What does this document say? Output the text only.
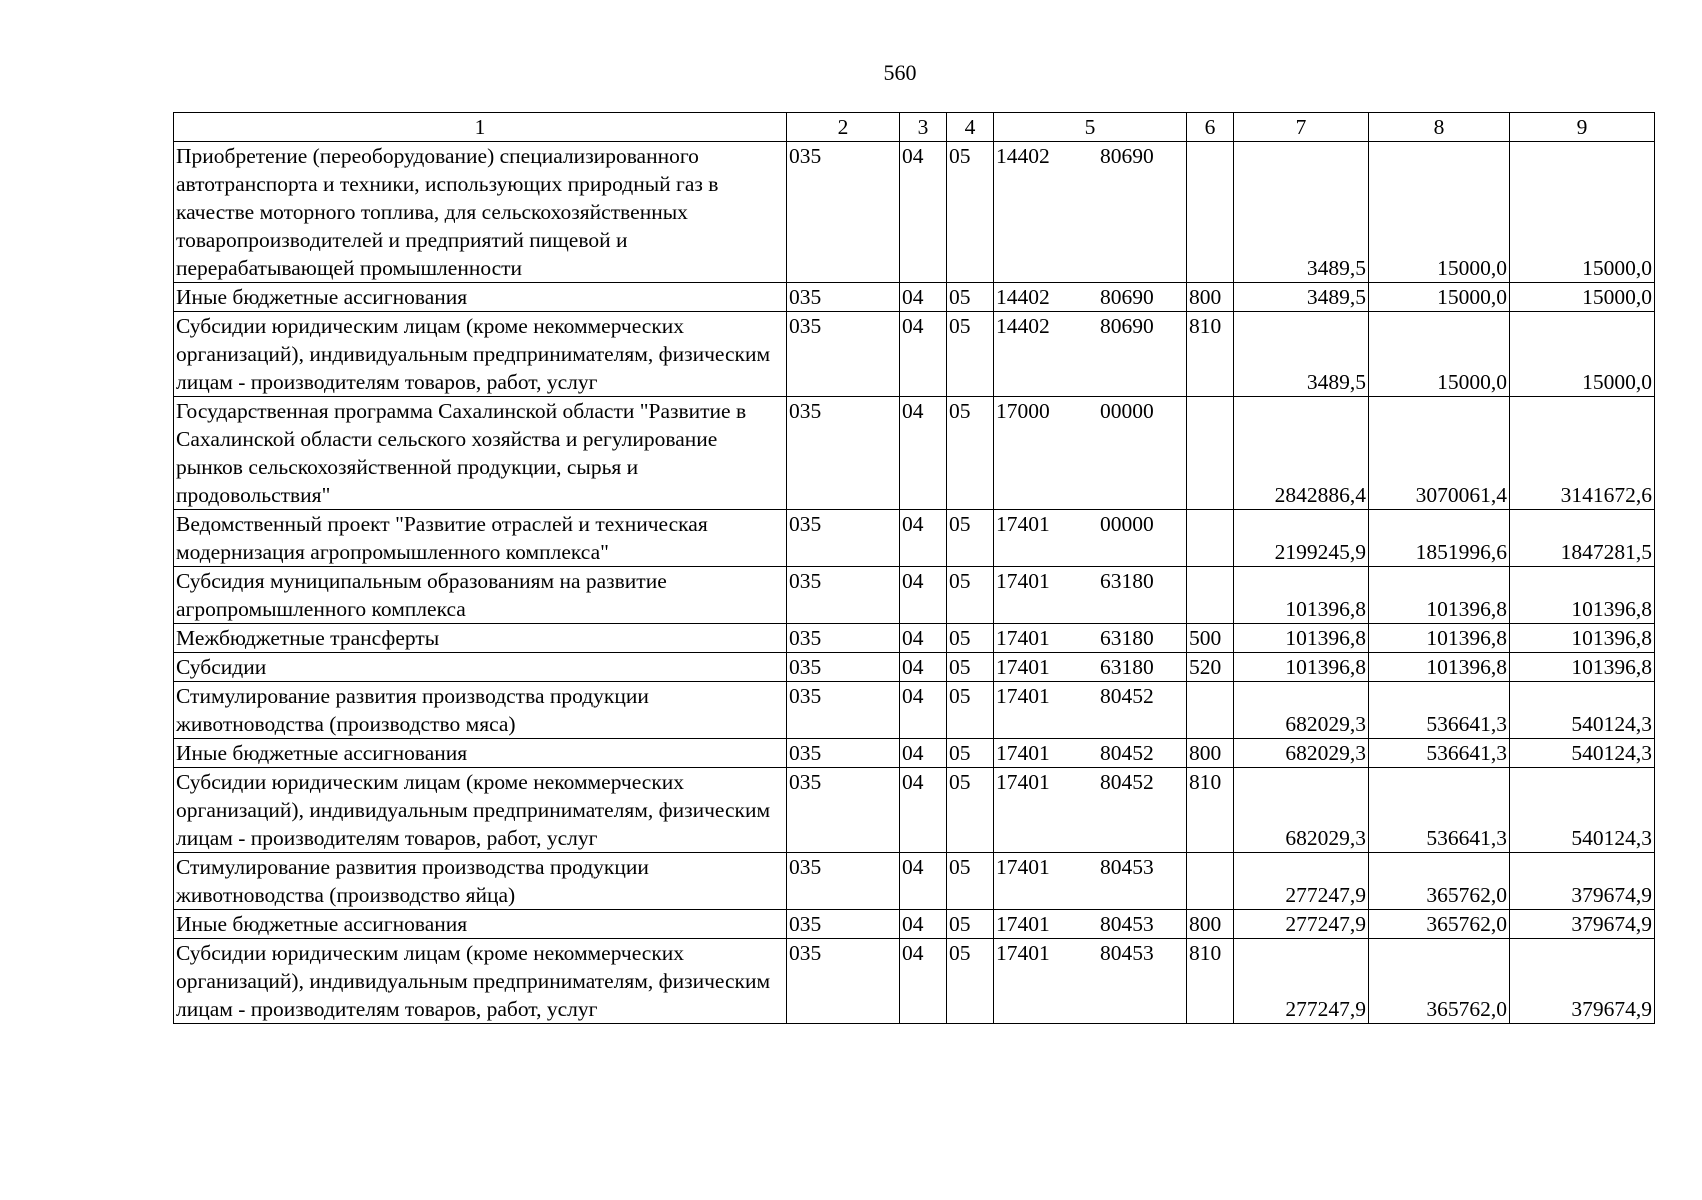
560
1	2	3	4	5	6	7	8	9
Приобретение (переоборудование) специализированного автотранспорта и техники, использующих природный газ в качестве моторного топлива, для сельскохозяйственных товаропроизводителей и предприятий пищевой и перерабатывающей промышленности	035	04	05	14402 80690		3489,5	15000,0	15000,0
Иные бюджетные ассигнования	035	04	05	14402 80690	800	3489,5	15000,0	15000,0
Субсидии юридическим лицам (кроме некоммерческих организаций), индивидуальным предпринимателям, физическим лицам - производителям товаров, работ, услуг	035	04	05	14402 80690	810	3489,5	15000,0	15000,0
Государственная программа Сахалинской области "Развитие в Сахалинской области сельского хозяйства и регулирование рынков сельскохозяйственной продукции, сырья и продовольствия"	035	04	05	17000 00000		2842886,4	3070061,4	3141672,6
Ведомственный проект "Развитие отраслей и техническая модернизация агропромышленного комплекса"	035	04	05	17401 00000		2199245,9	1851996,6	1847281,5
Субсидия муниципальным образованиям на развитие агропромышленного комплекса	035	04	05	17401 63180		101396,8	101396,8	101396,8
Межбюджетные трансферты	035	04	05	17401 63180	500	101396,8	101396,8	101396,8
Субсидии	035	04	05	17401 63180	520	101396,8	101396,8	101396,8
Стимулирование развития производства продукции животноводства (производство мяса)	035	04	05	17401 80452		682029,3	536641,3	540124,3
Иные бюджетные ассигнования	035	04	05	17401 80452	800	682029,3	536641,3	540124,3
Субсидии юридическим лицам (кроме некоммерческих организаций), индивидуальным предпринимателям, физическим лицам - производителям товаров, работ, услуг	035	04	05	17401 80452	810	682029,3	536641,3	540124,3
Стимулирование развития производства продукции животноводства (производство яйца)	035	04	05	17401 80453		277247,9	365762,0	379674,9
Иные бюджетные ассигнования	035	04	05	17401 80453	800	277247,9	365762,0	379674,9
Субсидии юридическим лицам (кроме некоммерческих организаций), индивидуальным предпринимателям, физическим лицам - производителям товаров, работ, услуг	035	04	05	17401 80453	810	277247,9	365762,0	379674,9
